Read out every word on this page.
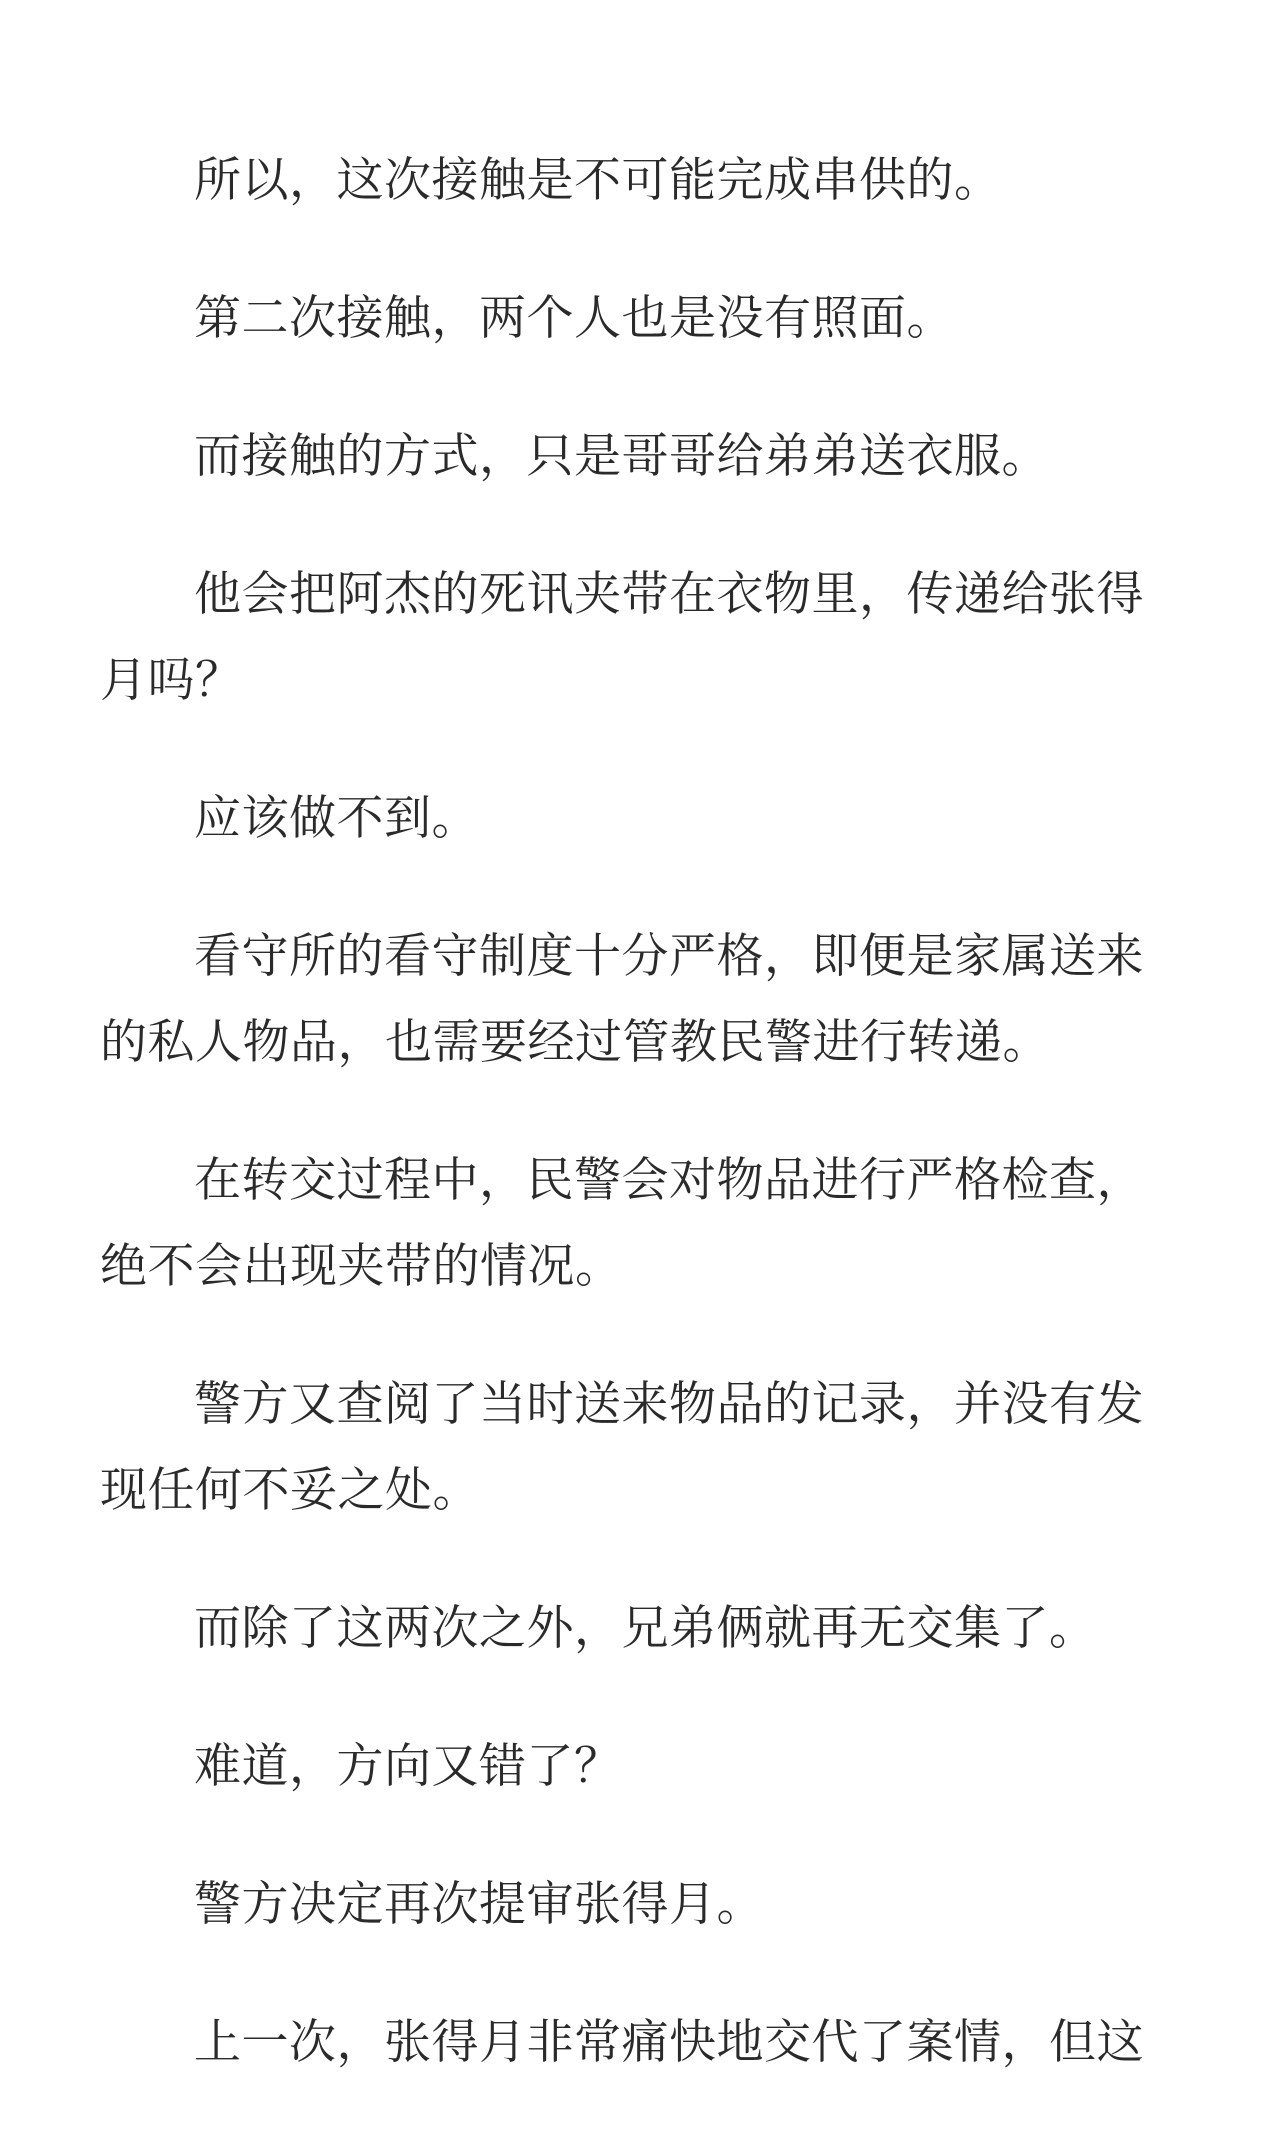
所以，这次接触是不可能完成串供的。

第二次接触，两个人也是没有照面。

而接触的方式，只是哥哥给弟弟送衣服。

他会把阿杰的死讯夹带在衣物里，传递给张得月吗？

应该做不到。

看守所的看守制度十分严格，即便是家属送来的私人物品，也需要经过管教民警进行转递。

在转交过程中，民警会对物品进行严格检查，绝不会出现夹带的情况。

警方又查阅了当时送来物品的记录，并没有发现任何不妥之处。

而除了这两次之外，兄弟俩就再无交集了。

难道，方向又错了？

警方决定再次提审张得月。

上一次，张得月非常痛快地交代了案情，但这
